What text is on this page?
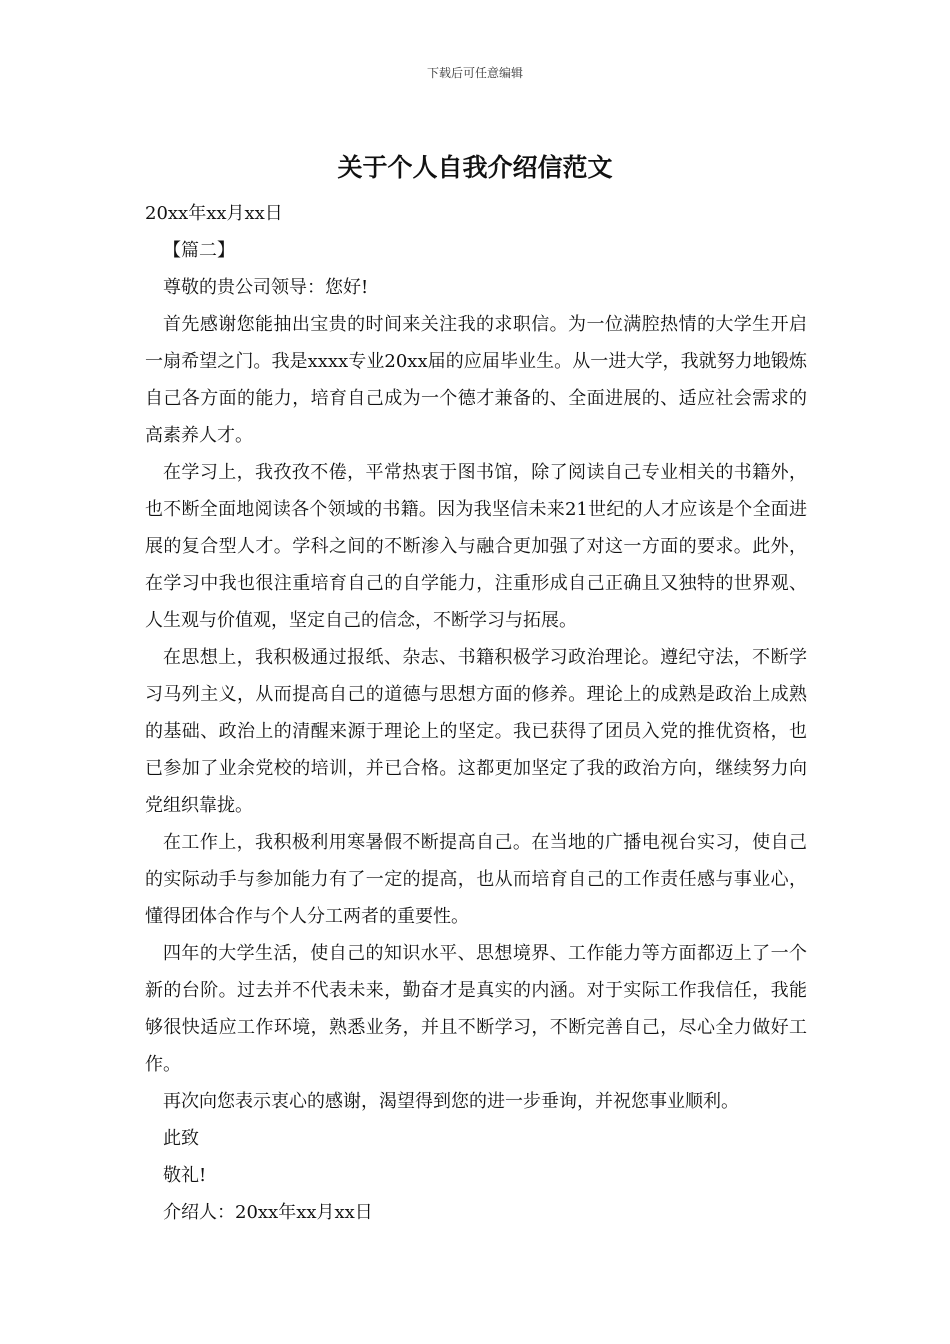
下载后可任意编辑
关于个人自我介绍信范文

20xx年xx月xx日

【篇二】

尊敬的贵公司领导：您好!

首先感谢您能抽出宝贵的时间来关注我的求职信。为一位满腔热情的大学生开启一扇希望之门。我是xxxx专业20xx届的应届毕业生。从一进大学，我就努力地锻炼自己各方面的能力，培育自己成为一个德才兼备的、全面进展的、适应社会需求的高素养人才。

在学习上，我孜孜不倦，平常热衷于图书馆，除了阅读自己专业相关的书籍外，也不断全面地阅读各个领域的书籍。因为我坚信未来21世纪的人才应该是个全面进展的复合型人才。学科之间的不断渗入与融合更加强了对这一方面的要求。此外，在学习中我也很注重培育自己的自学能力，注重形成自己正确且又独特的世界观、人生观与价值观，坚定自己的信念，不断学习与拓展。

在思想上，我积极通过报纸、杂志、书籍积极学习政治理论。遵纪守法，不断学习马列主义，从而提高自己的道德与思想方面的修养。理论上的成熟是政治上成熟的基础、政治上的清醒来源于理论上的坚定。我已获得了团员入党的推优资格，也已参加了业余党校的培训，并已合格。这都更加坚定了我的政治方向，继续努力向党组织靠拢。

在工作上，我积极利用寒暑假不断提高自己。在当地的广播电视台实习，使自己的实际动手与参加能力有了一定的提高，也从而培育自己的工作责任感与事业心，懂得团体合作与个人分工两者的重要性。

四年的大学生活，使自己的知识水平、思想境界、工作能力等方面都迈上了一个新的台阶。过去并不代表未来，勤奋才是真实的内涵。对于实际工作我信任，我能够很快适应工作环境，熟悉业务，并且不断学习，不断完善自己，尽心全力做好工作。

再次向您表示衷心的感谢，渴望得到您的进一步垂询，并祝您事业顺利。

此致

敬礼!

介绍人：20xx年xx月xx日
